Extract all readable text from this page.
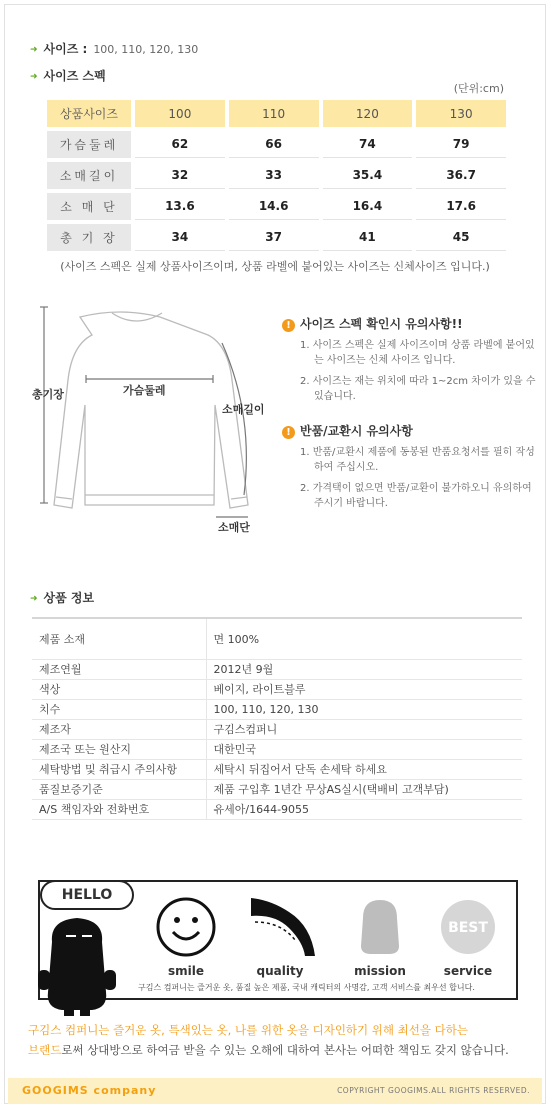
➜ 사이즈 : 100, 110, 120, 130
➜ 사이즈 스펙
(단위:cm)
상품사이즈	100	110	120	130
가슴둘레	62	66	74	79
소매길이	32	33	35.4	36.7
소 매 단	13.6	14.6	16.4	17.6
총 기 장	34	37	41	45
(사이즈 스펙은 실제 상품사이즈이며, 상품 라벨에 붙어있는 사이즈는 신체사이즈 입니다.)
총기장	가슴둘레
소매길이
소매단
! 사이즈 스펙 확인시 유의사항!!
1. 사이즈 스펙은 실제 사이즈이며 상품 라벨에 붙어있는 사이즈는 신체 사이즈 입니다.
2. 사이즈는 재는 위치에 따라 1~2cm 차이가 있을 수 있습니다.
! 반품/교환시 유의사항
1. 반품/교환시 제품에 동봉된 반품요청서를 필히 작성하여 주십시오.
2. 가격택이 없으면 반품/교환이 불가하오니 유의하여 주시기 바랍니다.
➜ 상품 정보
제품 소재	면 100%
제조연월	2012년 9월
색상	베이지, 라이트블루
치수	100, 110, 120, 130
제조자	구김스컴퍼니
제조국 또는 원산지	대한민국
세탁방법 및 취급시 주의사항	세탁시 뒤집어서 단독 손세탁 하세요
품질보증기준	제품 구입후 1년간 무상AS실시(택배비 고객부담)
A/S 책임자와 전화번호	유세아/1644-9055
HELLO
smile	quality	mission
BEST
service
구김스 컴퍼니는 즐거운 옷, 품질 높은 제품, 국내 캐릭터의 사명감, 고객 서비스를 최우선 합니다.
구김스 컴퍼니는 즐거운 옷, 특색있는 옷, 나를 위한 옷을 디자인하기 위해 최선을 다하는
브랜드로써 상대방으로 하여금 받을 수 있는 오해에 대하여 본사는 어떠한 책임도 갖지 않습니다.
GOOGIMS company	COPYRIGHT GOOGIMS.ALL RIGHTS RESERVED.
